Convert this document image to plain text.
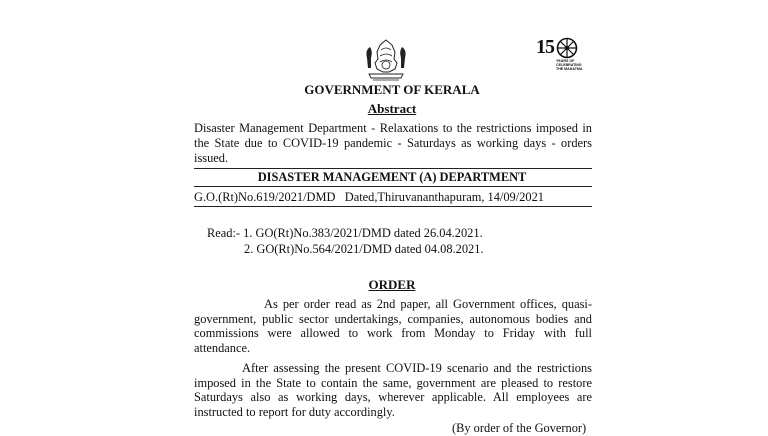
15
YEARS OF
CELEBRATING
THE MAHATMA
GOVERNMENT OF KERALA
Abstract
Disaster Management Department - Relaxations to the restrictions imposed in the State due to COVID-19 pandemic - Saturdays as working days - orders issued.
DISASTER MANAGEMENT (A) DEPARTMENT
G.O.(Rt)No.619/2021/DMD   Dated,Thiruvananthapuram, 14/09/2021
Read:- 1. GO(Rt)No.383/2021/DMD dated 26.04.2021.
2. GO(Rt)No.564/2021/DMD dated 04.08.2021.
ORDER
As per order read as 2nd paper, all Government offices, quasi-government, public sector undertakings, companies, autonomous bodies and commissions were allowed to work from Monday to Friday with full attendance.
After assessing the present COVID-19 scenario and the restrictions imposed in the State to contain the same, government are pleased to restore Saturdays also as working days, wherever applicable. All employees are instructed to report for duty accordingly.
(By order of the Governor)
